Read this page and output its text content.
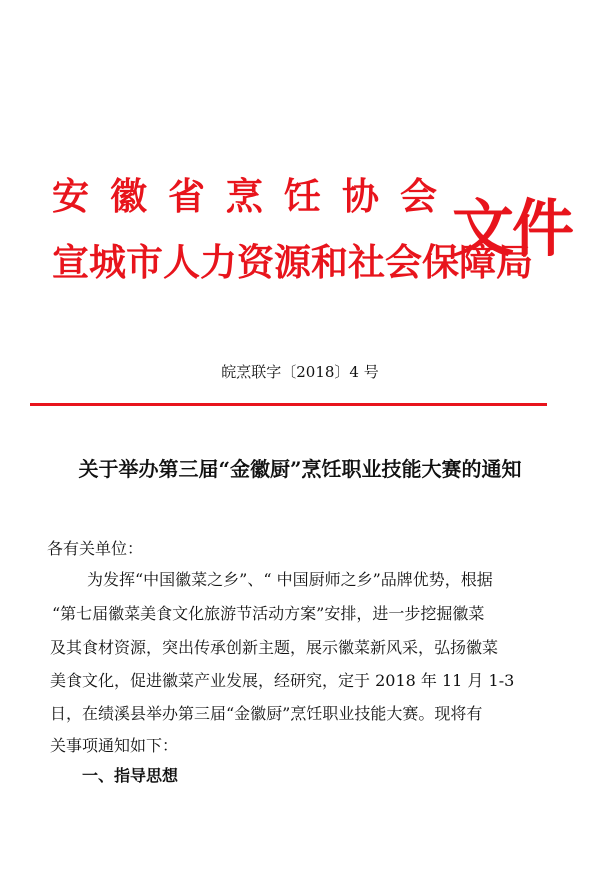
安徽省烹饪协会
宣城市人力资源和社会保障局
文件
皖烹联字〔2018〕4 号
关于举办第三届“金徽厨”烹饪职业技能大赛的通知
各有关单位：
为发挥“中国徽菜之乡”、“ 中国厨师之乡”品牌优势，根据
“第七届徽菜美食文化旅游节活动方案”安排，进一步挖掘徽菜
及其食材资源，突出传承创新主题，展示徽菜新风采，弘扬徽菜
美食文化，促进徽菜产业发展，经研究，定于 2018 年 11 月 1-3
日，在绩溪县举办第三届“金徽厨”烹饪职业技能大赛。现将有
关事项通知如下：
一、指导思想
